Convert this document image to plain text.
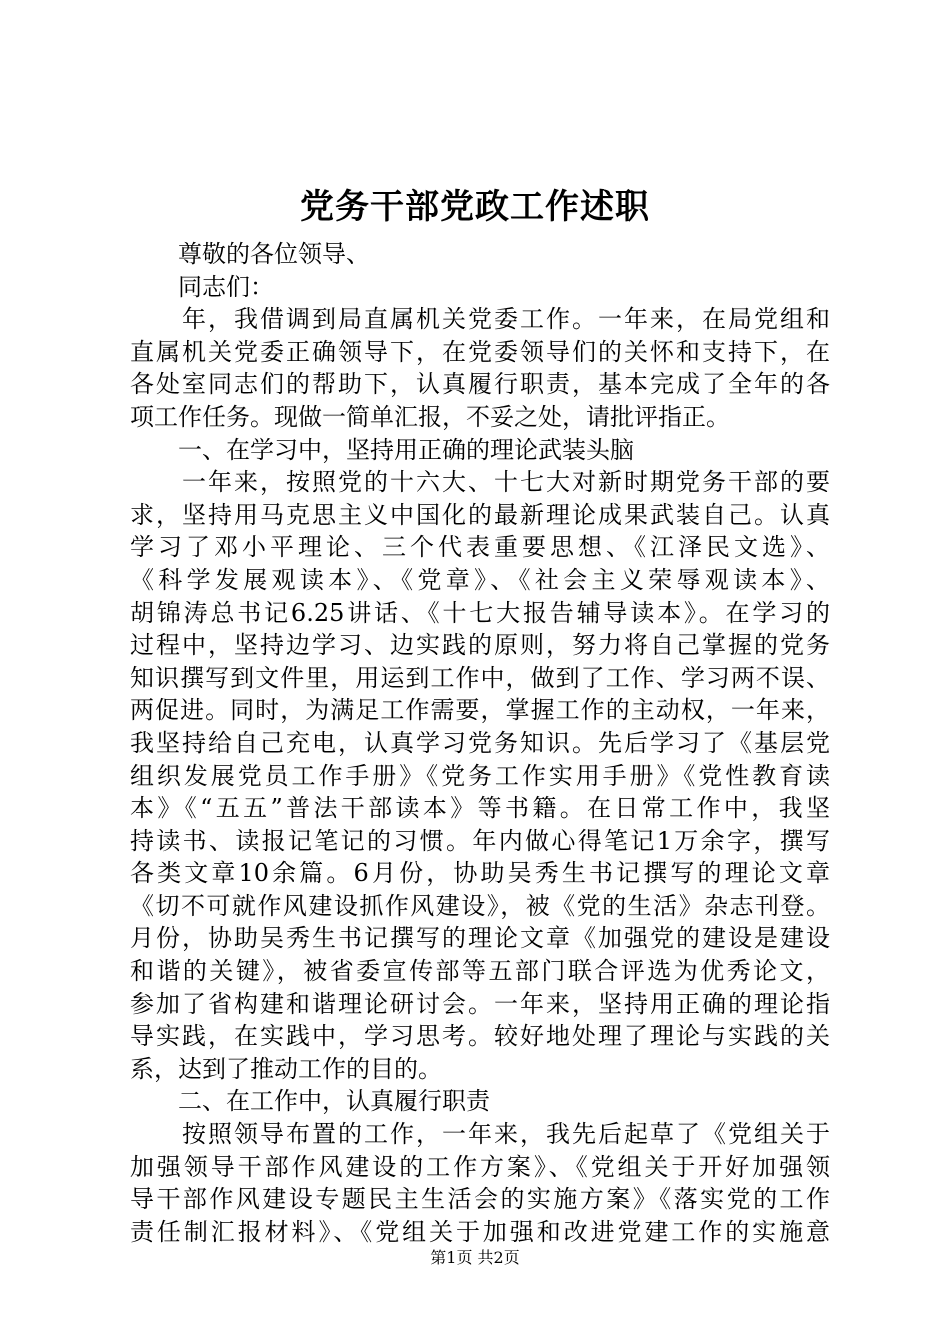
党务干部党政工作述职
　　尊敬的各位领导、
　　同志们：
　　年，我借调到局直属机关党委工作。一年来，在局党组和
直属机关党委正确领导下，在党委领导们的关怀和支持下，在
各处室同志们的帮助下，认真履行职责，基本完成了全年的各
项工作任务。现做一简单汇报，不妥之处，请批评指正。
　　一、在学习中，坚持用正确的理论武装头脑
　　一年来，按照党的十六大、十七大对新时期党务干部的要
求，坚持用马克思主义中国化的最新理论成果武装自己。认真
学习了邓小平理论、三个代表重要思想、《江泽民文选》、
《科学发展观读本》、《党章》、《社会主义荣辱观读本》、
胡锦涛总书记6.25讲话、《十七大报告辅导读本》。在学习的
过程中，坚持边学习、边实践的原则，努力将自己掌握的党务
知识撰写到文件里，用运到工作中，做到了工作、学习两不误、
两促进。同时，为满足工作需要，掌握工作的主动权，一年来，
我坚持给自己充电，认真学习党务知识。先后学习了《基层党
组织发展党员工作手册》《党务工作实用手册》《党性教育读
本》《“五五”普法干部读本》等书籍。在日常工作中，我坚
持读书、读报记笔记的习惯。年内做心得笔记1万余字，撰写
各类文章10余篇。6月份，协助吴秀生书记撰写的理论文章
《切不可就作风建设抓作风建设》，被《党的生活》杂志刊登。
月份，协助吴秀生书记撰写的理论文章《加强党的建设是建设
和谐的关键》，被省委宣传部等五部门联合评选为优秀论文，
参加了省构建和谐理论研讨会。一年来，坚持用正确的理论指
导实践，在实践中，学习思考。较好地处理了理论与实践的关
系，达到了推动工作的目的。
　　二、在工作中，认真履行职责
　　按照领导布置的工作，一年来，我先后起草了《党组关于
加强领导干部作风建设的工作方案》、《党组关于开好加强领
导干部作风建设专题民主生活会的实施方案》《落实党的工作
责任制汇报材料》、《党组关于加强和改进党建工作的实施意
第1页 共2页
